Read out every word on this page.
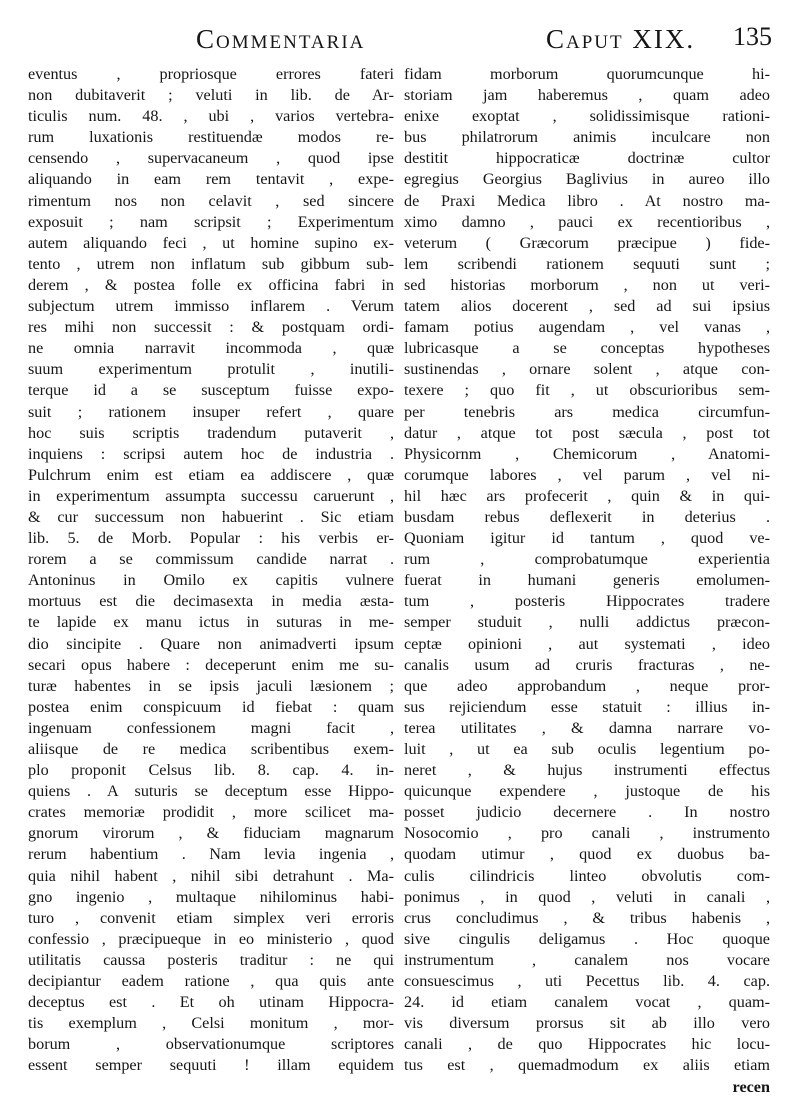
Commentaria	Caput XIX. 135
eventus , propriosque errores fateri
non dubitaverit ; veluti in lib. de Ar-
ticulis num. 48. , ubi , varios vertebra-
rum luxationis restituendæ modos re-
censendo , supervacaneum , quod ipse
aliquando in eam rem tentavit , expe-
rimentum nos non celavit , sed sincere
exposuit ; nam scripsit ; Experimentum
autem aliquando feci , ut homine supino ex-
tento , utrem non inflatum sub gibbum sub-
derem , & postea folle ex officina fabri in
subjectum utrem immisso inflarem . Verum
res mihi non successit : & postquam ordi-
ne omnia narravit incommoda , quæ
suum experimentum protulit , inutili-
terque id a se susceptum fuisse expo-
suit ; rationem insuper refert , quare
hoc suis scriptis tradendum putaverit ,
inquiens : scripsi autem hoc de industria .
Pulchrum enim est etiam ea addiscere , quæ
in experimentum assumpta successu caruerunt ,
& cur successum non habuerint . Sic etiam
lib. 5. de Morb. Popular : his verbis er-
rorem a se commissum candide narrat .
Antoninus in Omilo ex capitis vulnere
mortuus est die decimasexta in media æsta-
te lapide ex manu ictus in suturas in me-
dio sincipite . Quare non animadverti ipsum
secari opus habere : deceperunt enim me su-
turæ habentes in se ipsis jaculi læsionem ;
postea enim conspicuum id fiebat : quam
ingenuam confessionem magni facit ,
aliisque de re medica scribentibus exem-
plo proponit Celsus lib. 8. cap. 4. in-
quiens . A suturis se deceptum esse Hippo-
crates memoriæ prodidit , more scilicet ma-
gnorum virorum , & fiduciam magnarum
rerum habentium . Nam levia ingenia ,
quia nihil habent , nihil sibi detrahunt . Ma-
gno ingenio , multaque nihilominus habi-
turo , convenit etiam simplex veri erroris
confessio , præcipueque in eo ministerio , quod
utilitatis caussa posteris traditur : ne qui
decipiantur eadem ratione , qua quis ante
deceptus est . Et oh utinam Hippocra-
tis exemplum , Celsi monitum , mor-
borum , observationumque scriptores
essent semper sequuti ! illam equidem
fidam morborum quorumcunque hi-
storiam jam haberemus , quam adeo
enixe exoptat , solidissimisque rationi-
bus philatrorum animis inculcare non
destitit hippocraticæ doctrinæ cultor
egregius Georgius Baglivius in aureo illo
de Praxi Medica libro . At nostro ma-
ximo damno , pauci ex recentioribus ,
veterum ( Græcorum præcipue ) fide-
lem scribendi rationem sequuti sunt ;
sed historias morborum , non ut veri-
tatem alios docerent , sed ad sui ipsius
famam potius augendam , vel vanas ,
lubricasque a se conceptas hypotheses
sustinendas , ornare solent , atque con-
texere ; quo fit , ut obscurioribus sem-
per tenebris ars medica circumfun-
datur , atque tot post sæcula , post tot
Physicornm , Chemicorum , Anatomi-
corumque labores , vel parum , vel ni-
hil hæc ars profecerit , quin & in qui-
busdam rebus deflexerit in deterius .
Quoniam igitur id tantum , quod ve-
rum , comprobatumque experientia
fuerat in humani generis emolumen-
tum , posteris Hippocrates tradere
semper studuit , nulli addictus præcon-
ceptæ opinioni , aut systemati , ideo
canalis usum ad cruris fracturas , ne-
que adeo approbandum , neque pror-
sus rejiciendum esse statuit : illius in-
terea utilitates , & damna narrare vo-
luit , ut ea sub oculis legentium po-
neret , & hujus instrumenti effectus
quicunque expendere , justoque de his
posset judicio decernere . In nostro
Nosocomio , pro canali , instrumento
quodam utimur , quod ex duobus ba-
culis cilindricis linteo obvolutis com-
ponimus , in quod , veluti in canali ,
crus concludimus , & tribus habenis ,
sive cingulis deligamus . Hoc quoque
instrumentum , canalem nos vocare
consuescimus , uti Pecettus lib. 4. cap.
24. id etiam canalem vocat , quam-
vis diversum prorsus sit ab illo vero
canali , de quo Hippocrates hic locu-
tus est , quemadmodum ex aliis etiam
recen
